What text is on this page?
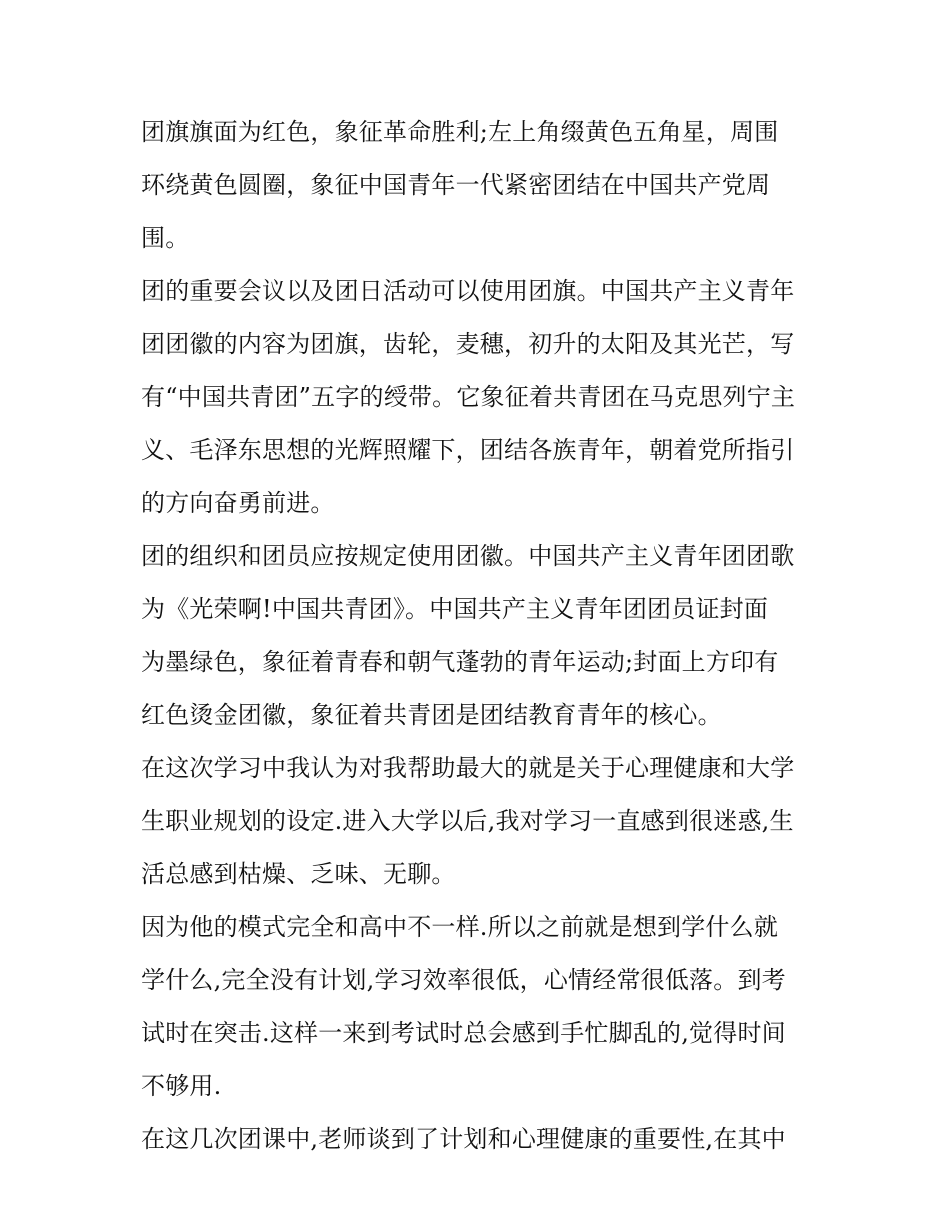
团旗旗面为红色，象征革命胜利;左上角缀黄色五角星，周围
环绕黄色圆圈，象征中国青年一代紧密团结在中国共产党周
围。
团的重要会议以及团日活动可以使用团旗。中国共产主义青年
团团徽的内容为团旗，齿轮，麦穗，初升的太阳及其光芒，写
有“中国共青团”五字的绶带。它象征着共青团在马克思列宁主
义、毛泽东思想的光辉照耀下，团结各族青年，朝着党所指引
的方向奋勇前进。
团的组织和团员应按规定使用团徽。中国共产主义青年团团歌
为《光荣啊!中国共青团》。中国共产主义青年团团员证封面
为墨绿色，象征着青春和朝气蓬勃的青年运动;封面上方印有
红色烫金团徽，象征着共青团是团结教育青年的核心。
在这次学习中我认为对我帮助最大的就是关于心理健康和大学
生职业规划的设定.进入大学以后,我对学习一直感到很迷惑,生
活总感到枯燥、乏味、无聊。
因为他的模式完全和高中不一样.所以之前就是想到学什么就
学什么,完全没有计划,学习效率很低，心情经常很低落。到考
试时在突击.这样一来到考试时总会感到手忙脚乱的,觉得时间
不够用.
在这几次团课中,老师谈到了计划和心理健康的重要性,在其中
